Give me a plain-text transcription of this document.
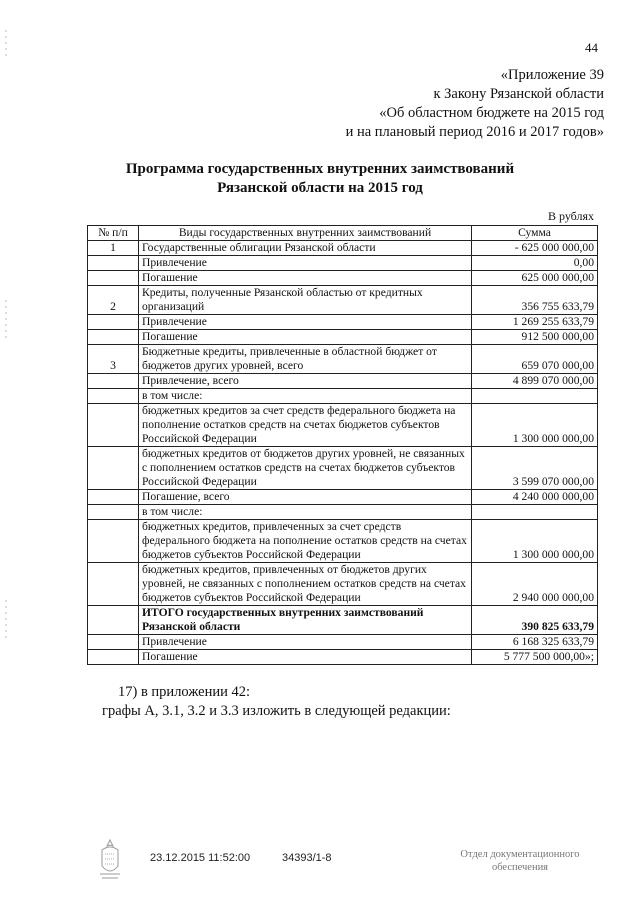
44
«Приложение 39
к Закону Рязанской области
«Об областном бюджете на 2015 год
и на плановый период 2016 и 2017 годов»
Программа государственных внутренних заимствований
Рязанской области на 2015 год
В рублях
№ п/п	Виды государственных внутренних заимствований	Сумма
1	Государственные облигации Рязанской области	- 625 000 000,00
	Привлечение	0,00
	Погашение	625 000 000,00
2	Кредиты, полученные Рязанской областью от кредитных организаций	356 755 633,79
	Привлечение	1 269 255 633,79
	Погашение	912 500 000,00
3	Бюджетные кредиты, привлеченные в областной бюджет от бюджетов других уровней, всего	659 070 000,00
	Привлечение, всего	4 899 070 000,00
	в том числе:	
	бюджетных кредитов за счет средств федерального бюджета на пополнение остатков средств на счетах бюджетов субъектов Российской Федерации	1 300 000 000,00
	бюджетных кредитов от бюджетов других уровней, не связанных с пополнением остатков средств на счетах бюджетов субъектов Российской Федерации	3 599 070 000,00
	Погашение, всего	4 240 000 000,00
	в том числе:	
	бюджетных кредитов, привлеченных за счет средств федерального бюджета на пополнение остатков средств на счетах бюджетов субъектов Российской Федерации	1 300 000 000,00
	бюджетных кредитов, привлеченных от бюджетов других уровней, не связанных с пополнением остатков средств на счетах бюджетов субъектов Российской Федерации	2 940 000 000,00
	ИТОГО государственных внутренних заимствований Рязанской области	390 825 633,79
	Привлечение	6 168 325 633,79
	Погашение	5 777 500 000,00»;
17) в приложении 42:
графы А, 3.1, 3.2 и 3.3 изложить в следующей редакции:
23.12.2015 11:52:00	34393/1-8	Отдел документационного
обеспечения
